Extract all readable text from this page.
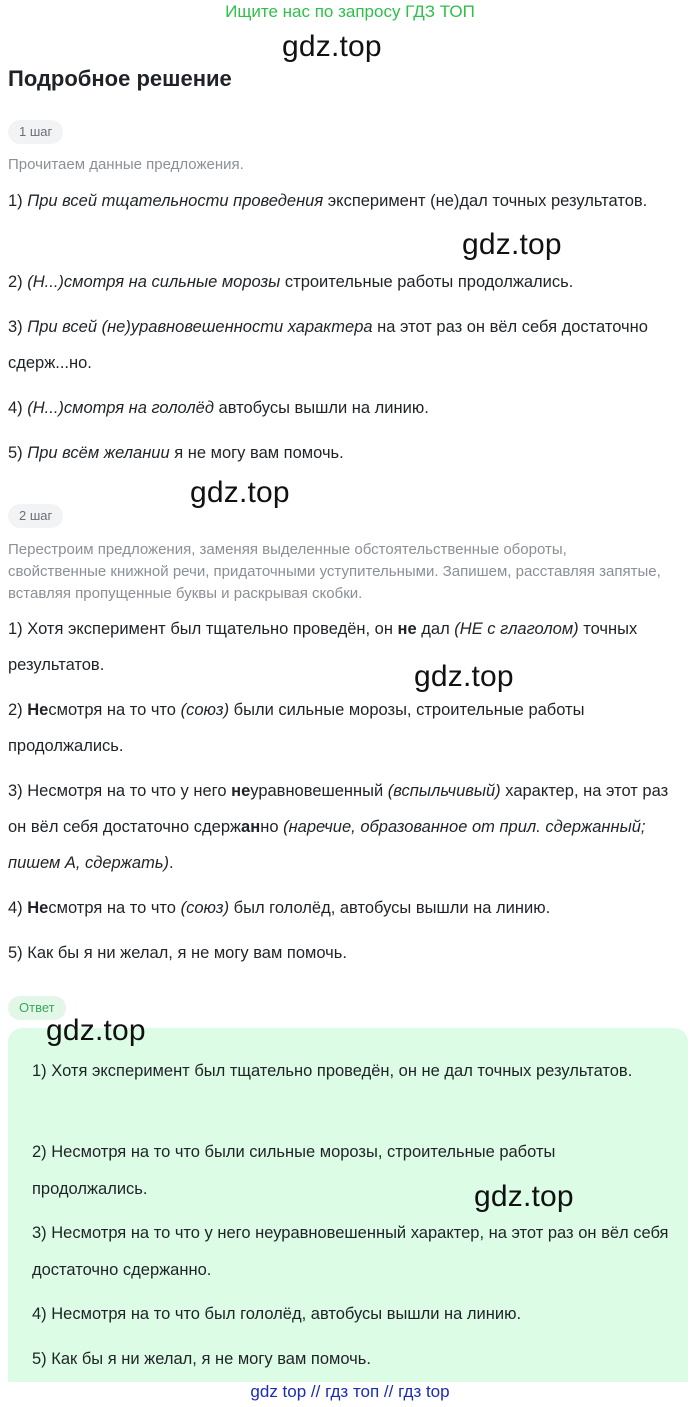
Ищите нас по запросу ГДЗ ТОП
gdz.top
gdz.top
gdz.top
gdz.top
Подробное решение
1 шаг
Прочитаем данные предложения.
1) При всей тщательности проведения эксперимент (не)дал точных результатов.
2) (Н...)смотря на сильные морозы строительные работы продолжались.
3) При всей (не)уравновешенности характера на этот раз он вёл себя достаточно сдерж...но.
4) (Н...)смотря на гололёд автобусы вышли на линию.
5) При всём желании я не могу вам помочь.
2 шаг
Перестроим предложения, заменяя выделенные обстоятельственные обороты, свойственные книжной речи, придаточными уступительными. Запишем, расставляя запятые, вставляя пропущенные буквы и раскрывая скобки.
1) Хотя эксперимент был тщательно проведён, он не дал (НЕ с глаголом) точных результатов.
2) Несмотря на то что (союз) были сильные морозы, строительные работы продолжались.
3) Несмотря на то что у него неуравновешенный (вспыльчивый) характер, на этот раз он вёл себя достаточно сдержанно (наречие, образованное от прил. сдержанный; пишем А, сдержать).
4) Несмотря на то что (союз) был гололёд, автобусы вышли на линию.
5) Как бы я ни желал, я не могу вам помочь.
Ответ
1) Хотя эксперимент был тщательно проведён, он не дал точных результатов.
2) Несмотря на то что были сильные морозы, строительные работы продолжались.
3) Несмотря на то что у него неуравновешенный характер, на этот раз он вёл себя достаточно сдержанно.
4) Несмотря на то что был гололёд, автобусы вышли на линию.
5) Как бы я ни желал, я не могу вам помочь.
gdz.top
gdz.top
gdz top // гдз топ // гдз top
